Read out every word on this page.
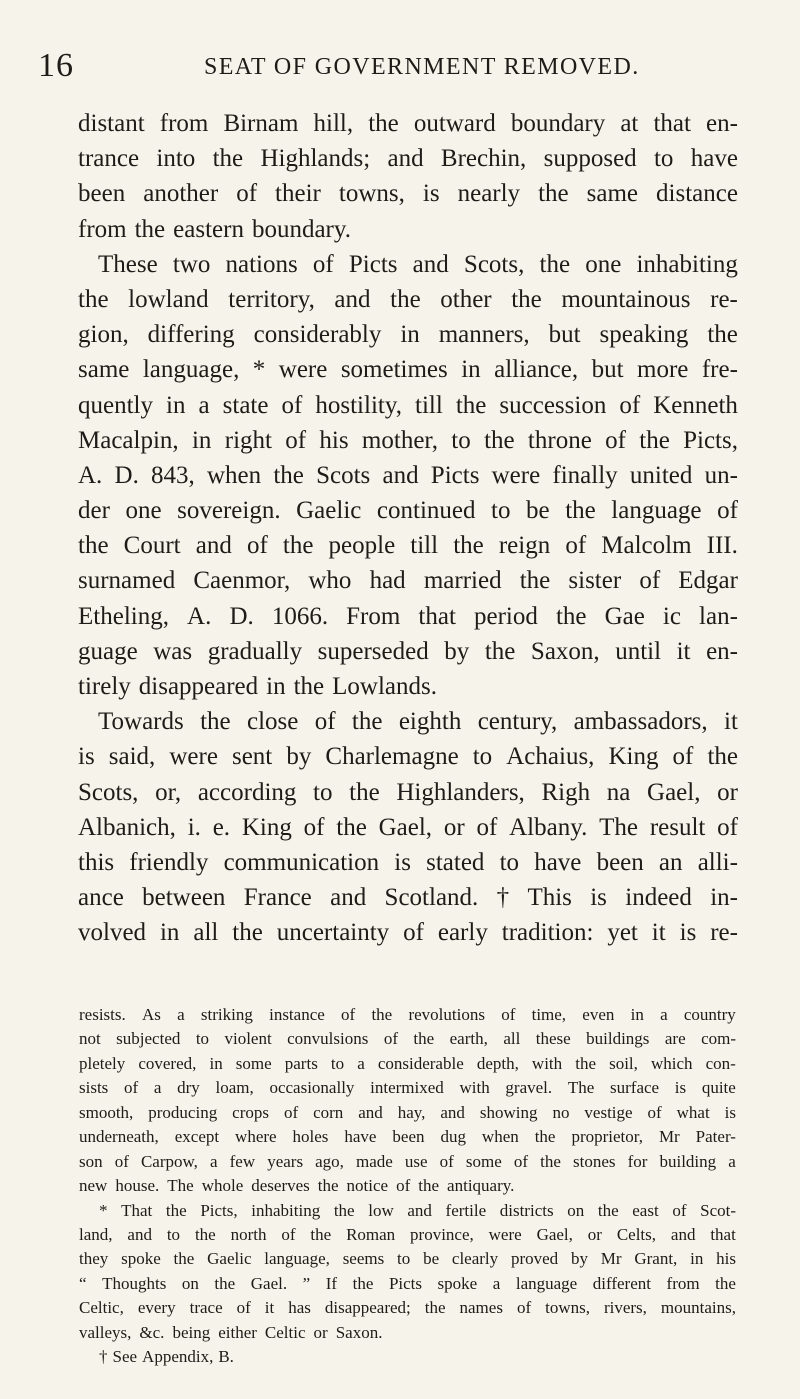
16	SEAT OF GOVERNMENT REMOVED.
distant from Birnam hill, the outward boundary at that en-
trance into the Highlands; and Brechin, supposed to have
been another of their towns, is nearly the same distance
from the eastern boundary.
These two nations of Picts and Scots, the one inhabiting
the lowland territory, and the other the mountainous re-
gion, differing considerably in manners, but speaking the
same language, * were sometimes in alliance, but more fre-
quently in a state of hostility, till the succession of Kenneth
Macalpin, in right of his mother, to the throne of the Picts,
A. D. 843, when the Scots and Picts were finally united un-
der one sovereign. Gaelic continued to be the language of
the Court and of the people till the reign of Malcolm III.
surnamed Caenmor, who had married the sister of Edgar
Etheling, A. D. 1066. From that period the Gae ic lan-
guage was gradually superseded by the Saxon, until it en-
tirely disappeared in the Lowlands.
Towards the close of the eighth century, ambassadors, it
is said, were sent by Charlemagne to Achaius, King of the
Scots, or, according to the Highlanders, Righ na Gael, or
Albanich, i. e. King of the Gael, or of Albany. The result of
this friendly communication is stated to have been an alli-
ance between France and Scotland. † This is indeed in-
volved in all the uncertainty of early tradition: yet it is re-
resists. As a striking instance of the revolutions of time, even in a country
not subjected to violent convulsions of the earth, all these buildings are com-
pletely covered, in some parts to a considerable depth, with the soil, which con-
sists of a dry loam, occasionally intermixed with gravel. The surface is quite
smooth, producing crops of corn and hay, and showing no vestige of what is
underneath, except where holes have been dug when the proprietor, Mr Pater-
son of Carpow, a few years ago, made use of some of the stones for building a
new house. The whole deserves the notice of the antiquary.
* That the Picts, inhabiting the low and fertile districts on the east of Scot-
land, and to the north of the Roman province, were Gael, or Celts, and that
they spoke the Gaelic language, seems to be clearly proved by Mr Grant, in his
“ Thoughts on the Gael. ” If the Picts spoke a language different from the
Celtic, every trace of it has disappeared; the names of towns, rivers, mountains,
valleys, &c. being either Celtic or Saxon.
† See Appendix, B.
